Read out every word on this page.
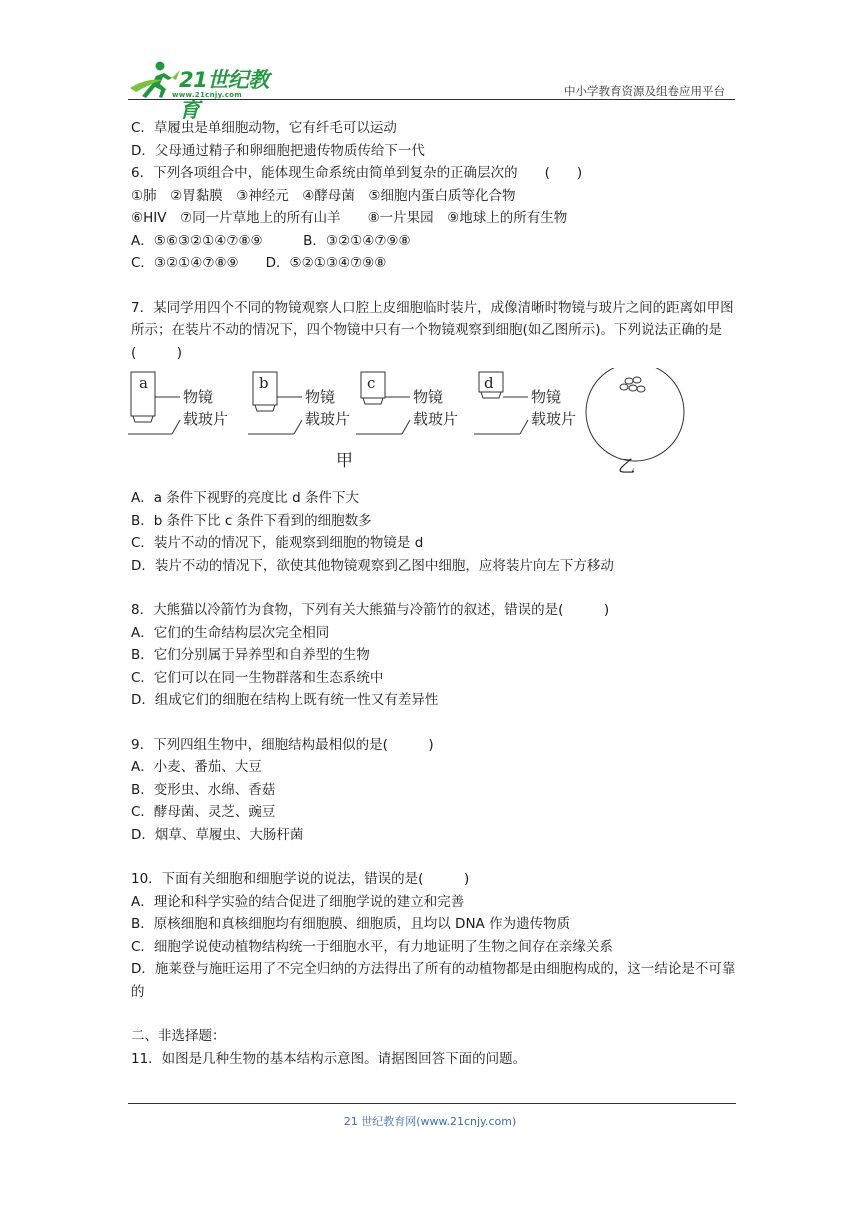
21世纪教育
www.21cnjy.com	中小学教育资源及组卷应用平台

C．草履虫是单细胞动物，它有纤毛可以运动

D．父母通过精子和卵细胞把遗传物质传给下一代

6．下列各项组合中，能体现生命系统由简单到复杂的正确层次的　　(　　)

①肺　②胃黏膜　③神经元　④酵母菌　⑤细胞内蛋白质等化合物

⑥HIV　⑦同一片草地上的所有山羊　　⑧一片果园　⑨地球上的所有生物

A．⑤⑥③②①④⑦⑧⑨　　　B．③②①④⑦⑨⑧

C．③②①④⑦⑧⑨　　D．⑤②①③④⑦⑨⑧

7．某同学用四个不同的物镜观察人口腔上皮细胞临时装片，成像清晰时物镜与玻片之间的距离如甲图所示；在装片不动的情况下，四个物镜中只有一个物镜观察到细胞(如乙图所示)。下列说法正确的是(　　　)

a	b	c	d
物镜
载玻片
物镜
载玻片
物镜
载玻片
物镜
载玻片
甲	乙

A．a 条件下视野的亮度比 d 条件下大

B．b 条件下比 c 条件下看到的细胞数多

C．装片不动的情况下，能观察到细胞的物镜是 d

D．装片不动的情况下，欲使其他物镜观察到乙图中细胞，应将装片向左下方移动

8．大熊猫以冷箭竹为食物，下列有关大熊猫与冷箭竹的叙述，错误的是(　　　)

A．它们的生命结构层次完全相同

B．它们分别属于异养型和自养型的生物

C．它们可以在同一生物群落和生态系统中

D．组成它们的细胞在结构上既有统一性又有差异性

9．下列四组生物中，细胞结构最相似的是(　　　)

A．小麦、番茄、大豆

B．变形虫、水绵、香菇

C．酵母菌、灵芝、豌豆

D．烟草、草履虫、大肠杆菌

10．下面有关细胞和细胞学说的说法，错误的是(　　　)

A．理论和科学实验的结合促进了细胞学说的建立和完善

B．原核细胞和真核细胞均有细胞膜、细胞质，且均以 DNA 作为遗传物质

C．细胞学说使动植物结构统一于细胞水平，有力地证明了生物之间存在亲缘关系

D．施莱登与施旺运用了不完全归纳的方法得出了所有的动植物都是由细胞构成的，这一结论是不可靠的

二、非选择题：

11．如图是几种生物的基本结构示意图。请据图回答下面的问题。

21 世纪教育网(www.21cnjy.com)
